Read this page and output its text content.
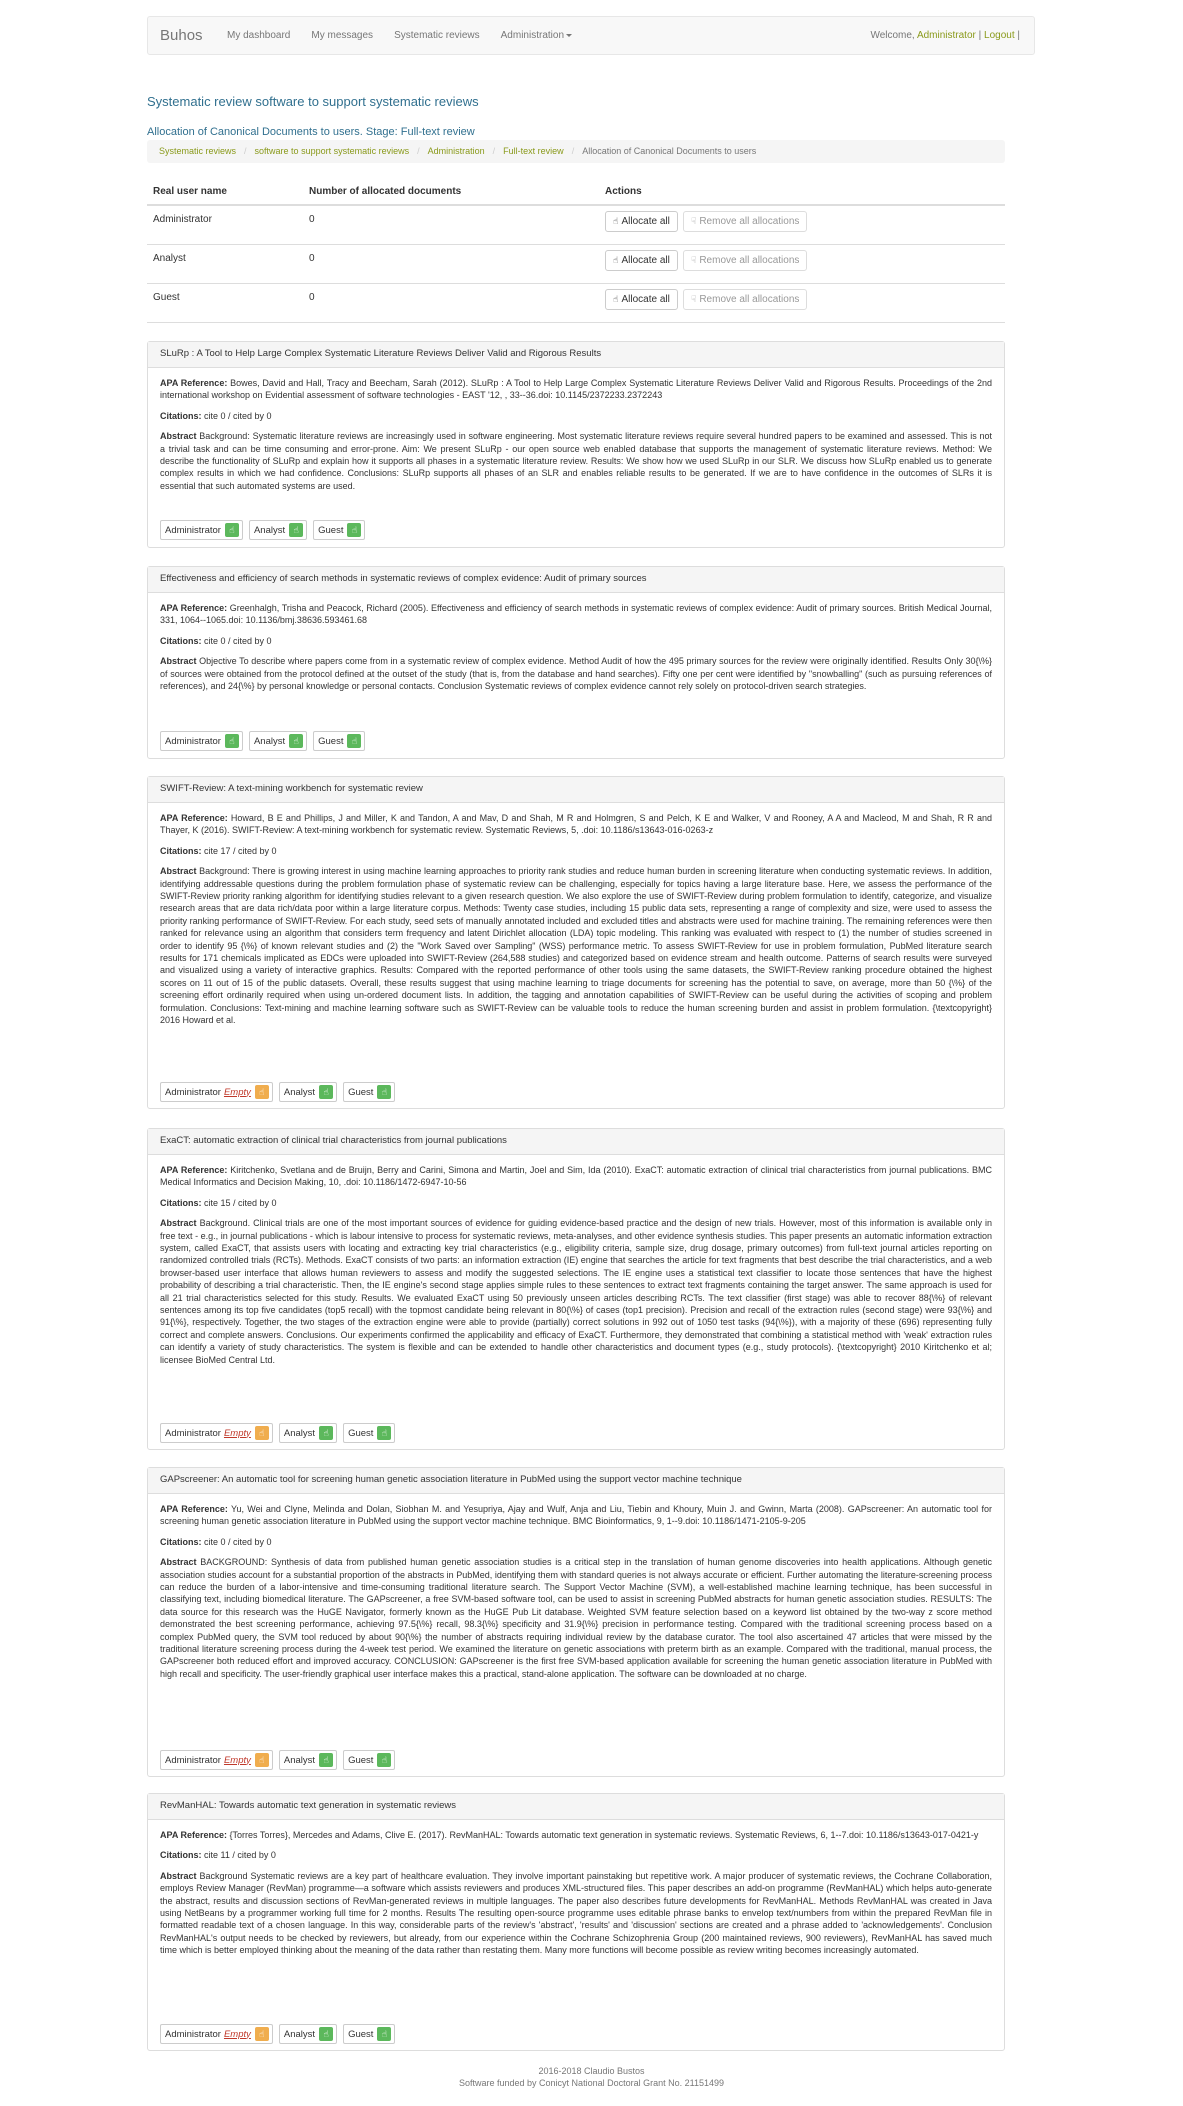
Buhos My dashboard My messages Systematic reviews Administration	Welcome, Administrator | Logout |
Systematic review software to support systematic reviews
Allocation of Canonical Documents to users. Stage: Full-text review
Systematic reviews / software to support systematic reviews / Administration / Full-text review / Allocation of Canonical Documents to users
Real user name	Number of allocated documents	Actions
Administrator	0	☝ Allocate all	☟ Remove all allocations
Analyst	0	☝ Allocate all	☟ Remove all allocations
Guest	0	☝ Allocate all	☟ Remove all allocations
SLuRp : A Tool to Help Large Complex Systematic Literature Reviews Deliver Valid and Rigorous Results

APA Reference: Bowes, David and Hall, Tracy and Beecham, Sarah (2012). SLuRp : A Tool to Help Large Complex Systematic Literature Reviews Deliver Valid and Rigorous Results. Proceedings of the 2nd international workshop on Evidential assessment of software technologies - EAST '12, , 33--36.doi: 10.1145/2372233.2372243

Citations: cite 0 / cited by 0

Abstract Background: Systematic literature reviews are increasingly used in software engineering. Most systematic literature reviews require several hundred papers to be examined and assessed. This is not a trivial task and can be time consuming and error-prone. Aim: We present SLuRp - our open source web enabled database that supports the management of systematic literature reviews. Method: We describe the functionality of SLuRp and explain how it supports all phases in a systematic literature review. Results: We show how we used SLuRp in our SLR. We discuss how SLuRp enabled us to generate complex results in which we had confidence. Conclusions: SLuRp supports all phases of an SLR and enables reliable results to be generated. If we are to have confidence in the outcomes of SLRs it is essential that such automated systems are used.

Administrator ☝	Analyst ☝	Guest ☝
Effectiveness and efficiency of search methods in systematic reviews of complex evidence: Audit of primary sources

APA Reference: Greenhalgh, Trisha and Peacock, Richard (2005). Effectiveness and efficiency of search methods in systematic reviews of complex evidence: Audit of primary sources. British Medical Journal, 331, 1064--1065.doi: 10.1136/bmj.38636.593461.68

Citations: cite 0 / cited by 0

Abstract Objective To describe where papers come from in a systematic review of complex evidence. Method Audit of how the 495 primary sources for the review were originally identified. Results Only 30{\%} of sources were obtained from the protocol defined at the outset of the study (that is, from the database and hand searches). Fifty one per cent were identified by "snowballing" (such as pursuing references of references), and 24{\%} by personal knowledge or personal contacts. Conclusion Systematic reviews of complex evidence cannot rely solely on protocol-driven search strategies.

Administrator ☝	Analyst ☝	Guest ☝
SWIFT-Review: A text-mining workbench for systematic review

APA Reference: Howard, B E and Phillips, J and Miller, K and Tandon, A and Mav, D and Shah, M R and Holmgren, S and Pelch, K E and Walker, V and Rooney, A A and Macleod, M and Shah, R R and Thayer, K (2016). SWIFT-Review: A text-mining workbench for systematic review. Systematic Reviews, 5, .doi: 10.1186/s13643-016-0263-z

Citations: cite 17 / cited by 0

Abstract Background: There is growing interest in using machine learning approaches to priority rank studies and reduce human burden in screening literature when conducting systematic reviews. In addition, identifying addressable questions during the problem formulation phase of systematic review can be challenging, especially for topics having a large literature base. Here, we assess the performance of the SWIFT-Review priority ranking algorithm for identifying studies relevant to a given research question. We also explore the use of SWIFT-Review during problem formulation to identify, categorize, and visualize research areas that are data rich/data poor within a large literature corpus. Methods: Twenty case studies, including 15 public data sets, representing a range of complexity and size, were used to assess the priority ranking performance of SWIFT-Review. For each study, seed sets of manually annotated included and excluded titles and abstracts were used for machine training. The remaining references were then ranked for relevance using an algorithm that considers term frequency and latent Dirichlet allocation (LDA) topic modeling. This ranking was evaluated with respect to (1) the number of studies screened in order to identify 95 {\%} of known relevant studies and (2) the "Work Saved over Sampling" (WSS) performance metric. To assess SWIFT-Review for use in problem formulation, PubMed literature search results for 171 chemicals implicated as EDCs were uploaded into SWIFT-Review (264,588 studies) and categorized based on evidence stream and health outcome. Patterns of search results were surveyed and visualized using a variety of interactive graphics. Results: Compared with the reported performance of other tools using the same datasets, the SWIFT-Review ranking procedure obtained the highest scores on 11 out of 15 of the public datasets. Overall, these results suggest that using machine learning to triage documents for screening has the potential to save, on average, more than 50 {\%} of the screening effort ordinarily required when using un-ordered document lists. In addition, the tagging and annotation capabilities of SWIFT-Review can be useful during the activities of scoping and problem formulation. Conclusions: Text-mining and machine learning software such as SWIFT-Review can be valuable tools to reduce the human screening burden and assist in problem formulation. {\textcopyright} 2016 Howard et al.

Administrator Empty ☝	Analyst ☝	Guest ☝
ExaCT: automatic extraction of clinical trial characteristics from journal publications

APA Reference: Kiritchenko, Svetlana and de Bruijn, Berry and Carini, Simona and Martin, Joel and Sim, Ida (2010). ExaCT: automatic extraction of clinical trial characteristics from journal publications. BMC Medical Informatics and Decision Making, 10, .doi: 10.1186/1472-6947-10-56

Citations: cite 15 / cited by 0

Abstract Background. Clinical trials are one of the most important sources of evidence for guiding evidence-based practice and the design of new trials. However, most of this information is available only in free text - e.g., in journal publications - which is labour intensive to process for systematic reviews, meta-analyses, and other evidence synthesis studies. This paper presents an automatic information extraction system, called ExaCT, that assists users with locating and extracting key trial characteristics (e.g., eligibility criteria, sample size, drug dosage, primary outcomes) from full-text journal articles reporting on randomized controlled trials (RCTs). Methods. ExaCT consists of two parts: an information extraction (IE) engine that searches the article for text fragments that best describe the trial characteristics, and a web browser-based user interface that allows human reviewers to assess and modify the suggested selections. The IE engine uses a statistical text classifier to locate those sentences that have the highest probability of describing a trial characteristic. Then, the IE engine's second stage applies simple rules to these sentences to extract text fragments containing the target answer. The same approach is used for all 21 trial characteristics selected for this study. Results. We evaluated ExaCT using 50 previously unseen articles describing RCTs. The text classifier (first stage) was able to recover 88{\%} of relevant sentences among its top five candidates (top5 recall) with the topmost candidate being relevant in 80{\%} of cases (top1 precision). Precision and recall of the extraction rules (second stage) were 93{\%} and 91{\%}, respectively. Together, the two stages of the extraction engine were able to provide (partially) correct solutions in 992 out of 1050 test tasks (94{\%}), with a majority of these (696) representing fully correct and complete answers. Conclusions. Our experiments confirmed the applicability and efficacy of ExaCT. Furthermore, they demonstrated that combining a statistical method with 'weak' extraction rules can identify a variety of study characteristics. The system is flexible and can be extended to handle other characteristics and document types (e.g., study protocols). {\textcopyright} 2010 Kiritchenko et al; licensee BioMed Central Ltd.

Administrator Empty ☝	Analyst ☝	Guest ☝
GAPscreener: An automatic tool for screening human genetic association literature in PubMed using the support vector machine technique

APA Reference: Yu, Wei and Clyne, Melinda and Dolan, Siobhan M. and Yesupriya, Ajay and Wulf, Anja and Liu, Tiebin and Khoury, Muin J. and Gwinn, Marta (2008). GAPscreener: An automatic tool for screening human genetic association literature in PubMed using the support vector machine technique. BMC Bioinformatics, 9, 1--9.doi: 10.1186/1471-2105-9-205

Citations: cite 0 / cited by 0

Abstract BACKGROUND: Synthesis of data from published human genetic association studies is a critical step in the translation of human genome discoveries into health applications. Although genetic association studies account for a substantial proportion of the abstracts in PubMed, identifying them with standard queries is not always accurate or efficient. Further automating the literature-screening process can reduce the burden of a labor-intensive and time-consuming traditional literature search. The Support Vector Machine (SVM), a well-established machine learning technique, has been successful in classifying text, including biomedical literature. The GAPscreener, a free SVM-based software tool, can be used to assist in screening PubMed abstracts for human genetic association studies. RESULTS: The data source for this research was the HuGE Navigator, formerly known as the HuGE Pub Lit database. Weighted SVM feature selection based on a keyword list obtained by the two-way z score method demonstrated the best screening performance, achieving 97.5{\%} recall, 98.3{\%} specificity and 31.9{\%} precision in performance testing. Compared with the traditional screening process based on a complex PubMed query, the SVM tool reduced by about 90{\%} the number of abstracts requiring individual review by the database curator. The tool also ascertained 47 articles that were missed by the traditional literature screening process during the 4-week test period. We examined the literature on genetic associations with preterm birth as an example. Compared with the traditional, manual process, the GAPscreener both reduced effort and improved accuracy. CONCLUSION: GAPscreener is the first free SVM-based application available for screening the human genetic association literature in PubMed with high recall and specificity. The user-friendly graphical user interface makes this a practical, stand-alone application. The software can be downloaded at no charge.

Administrator Empty ☝	Analyst ☝	Guest ☝
RevManHAL: Towards automatic text generation in systematic reviews

APA Reference: {Torres Torres}, Mercedes and Adams, Clive E. (2017). RevManHAL: Towards automatic text generation in systematic reviews. Systematic Reviews, 6, 1--7.doi: 10.1186/s13643-017-0421-y

Citations: cite 11 / cited by 0

Abstract Background Systematic reviews are a key part of healthcare evaluation. They involve important painstaking but repetitive work. A major producer of systematic reviews, the Cochrane Collaboration, employs Review Manager (RevMan) programme—a software which assists reviewers and produces XML-structured files. This paper describes an add-on programme (RevManHAL) which helps auto-generate the abstract, results and discussion sections of RevMan-generated reviews in multiple languages. The paper also describes future developments for RevManHAL. Methods RevManHAL was created in Java using NetBeans by a programmer working full time for 2 months. Results The resulting open-source programme uses editable phrase banks to envelop text/numbers from within the prepared RevMan file in formatted readable text of a chosen language. In this way, considerable parts of the review's 'abstract', 'results' and 'discussion' sections are created and a phrase added to 'acknowledgements'. Conclusion RevManHAL's output needs to be checked by reviewers, but already, from our experience within the Cochrane Schizophrenia Group (200 maintained reviews, 900 reviewers), RevManHAL has saved much time which is better employed thinking about the meaning of the data rather than restating them. Many more functions will become possible as review writing becomes increasingly automated.

Administrator Empty ☝	Analyst ☝	Guest ☝
2016-2018 Claudio Bustos
Software funded by Conicyt National Doctoral Grant No. 21151499
